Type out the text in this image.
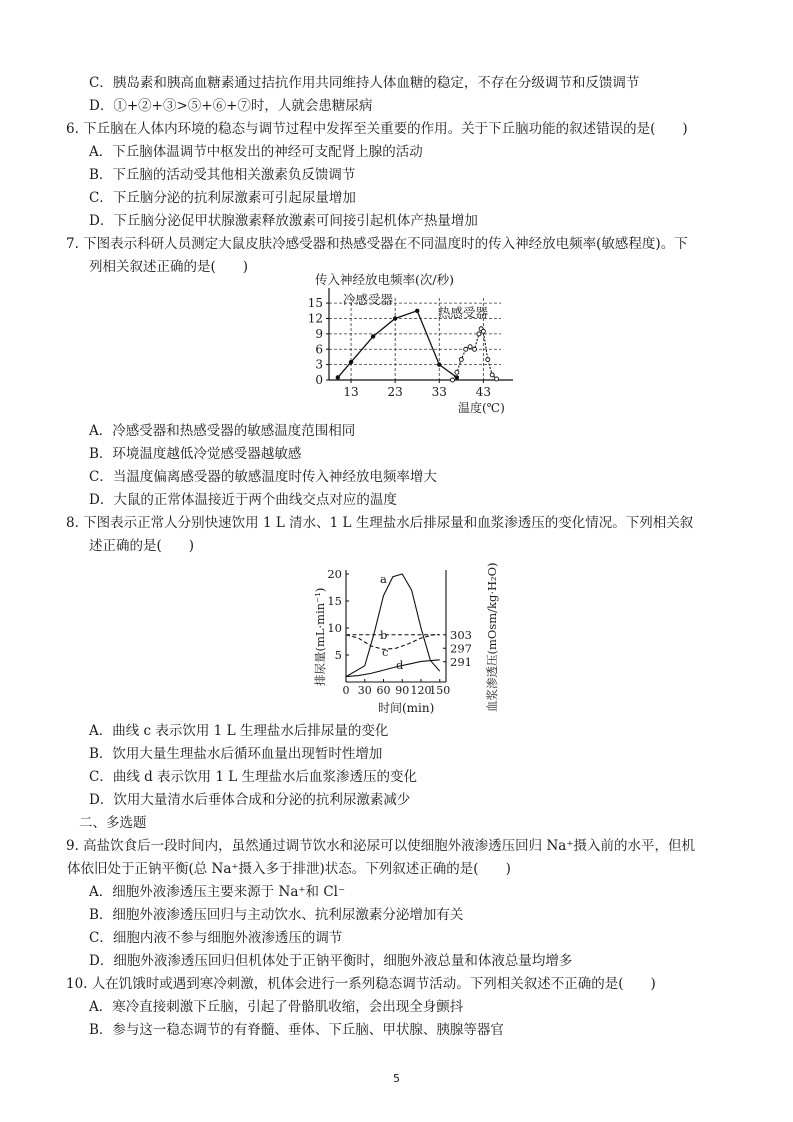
C．胰岛素和胰高血糖素通过拮抗作用共同维持人体血糖的稳定，不存在分级调节和反馈调节
D．①+②+③>⑤+⑥+⑦时，人就会患糖尿病
6. 下丘脑在人体内环境的稳态与调节过程中发挥至关重要的作用。关于下丘脑功能的叙述错误的是(　　)
A．下丘脑体温调节中枢发出的神经可支配肾上腺的活动
B．下丘脑的活动受其他相关激素负反馈调节
C．下丘脑分泌的抗利尿激素可引起尿量增加
D．下丘脑分泌促甲状腺激素释放激素可间接引起机体产热量增加
7. 下图表示科研人员测定大鼠皮肤冷感受器和热感受器在不同温度时的传入神经放电频率(敏感程度)。下
列相关叙述正确的是(　　)
0
3
6
9
12
15
13 23 33 43
传入神经放电频率(次/秒)
温度(℃)
冷感受器
热感受器
A．冷感受器和热感受器的敏感温度范围相同
B．环境温度越低冷觉感受器越敏感
C．当温度偏离感受器的敏感温度时传入神经放电频率增大
D．大鼠的正常体温接近于两个曲线交点对应的温度
8. 下图表示正常人分别快速饮用 1 L 清水、1 L 生理盐水后排尿量和血浆渗透压的变化情况。下列相关叙
述正确的是(　　)
5
10
15
20
0 30 60 90 120
150
291
297
303
排尿量(mL·min⁻¹)	血浆渗透压(mOsm/kg·H₂O)
时间(min)
a
b
c
d
A．曲线 c 表示饮用 1 L 生理盐水后排尿量的变化
B．饮用大量生理盐水后循环血量出现暂时性增加
C．曲线 d 表示饮用 1 L 生理盐水后血浆渗透压的变化
D．饮用大量清水后垂体合成和分泌的抗利尿激素减少
二、多选题
9. 高盐饮食后一段时间内，虽然通过调节饮水和泌尿可以使细胞外液渗透压回归 Na⁺摄入前的水平，但机
体依旧处于正钠平衡(总 Na⁺摄入多于排泄)状态。下列叙述正确的是(　　)
A．细胞外液渗透压主要来源于 Na⁺和 Cl⁻
B．细胞外液渗透压回归与主动饮水、抗利尿激素分泌增加有关
C．细胞内液不参与细胞外液渗透压的调节
D．细胞外液渗透压回归但机体处于正钠平衡时，细胞外液总量和体液总量均增多
10. 人在饥饿时或遇到寒冷刺激，机体会进行一系列稳态调节活动。下列相关叙述不正确的是(　　)
A．寒冷直接刺激下丘脑，引起了骨骼肌收缩，会出现全身颤抖
B．参与这一稳态调节的有脊髓、垂体、下丘脑、甲状腺、胰腺等器官
5
